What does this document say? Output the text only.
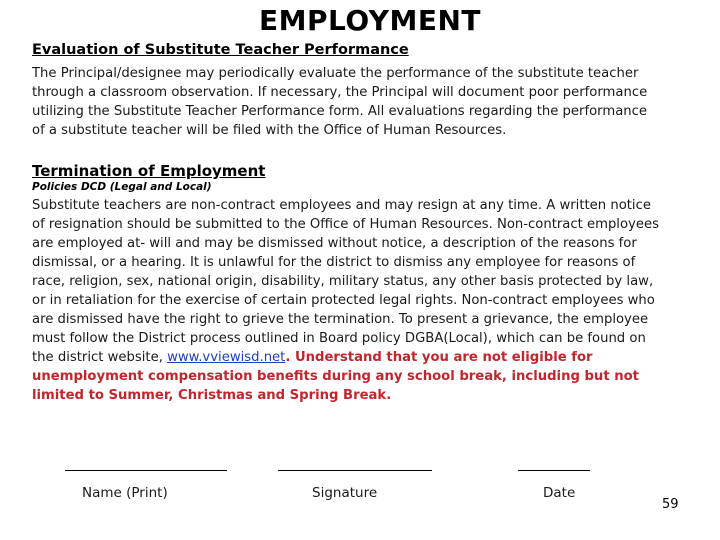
EMPLOYMENT
Evaluation of Substitute Teacher Performance
The Principal/designee may periodically evaluate the performance of the substitute teacher through a classroom observation. If necessary, the Principal will document poor performance utilizing the Substitute Teacher Performance form. All evaluations regarding the performance of a substitute teacher will be filed with the Office of Human Resources.
Termination of Employment
Policies DCD (Legal and Local)
Substitute teachers are non-contract employees and may resign at any time. A written notice of resignation should be submitted to the Office of Human Resources. Non-contract employees are employed at- will and may be dismissed without notice, a description of the reasons for dismissal, or a hearing. It is unlawful for the district to dismiss any employee for reasons of race, religion, sex, national origin, disability, military status, any other basis protected by law, or in retaliation for the exercise of certain protected legal rights. Non-contract employees who are dismissed have the right to grieve the termination. To present a grievance, the employee must follow the District process outlined in Board policy DGBA(Local), which can be found on the district website, www.vviewisd.net. Understand that you are not eligible for unemployment compensation benefits during any school break, including but not limited to Summer, Christmas and Spring Break.
Name (Print)	Signature	Date
59
